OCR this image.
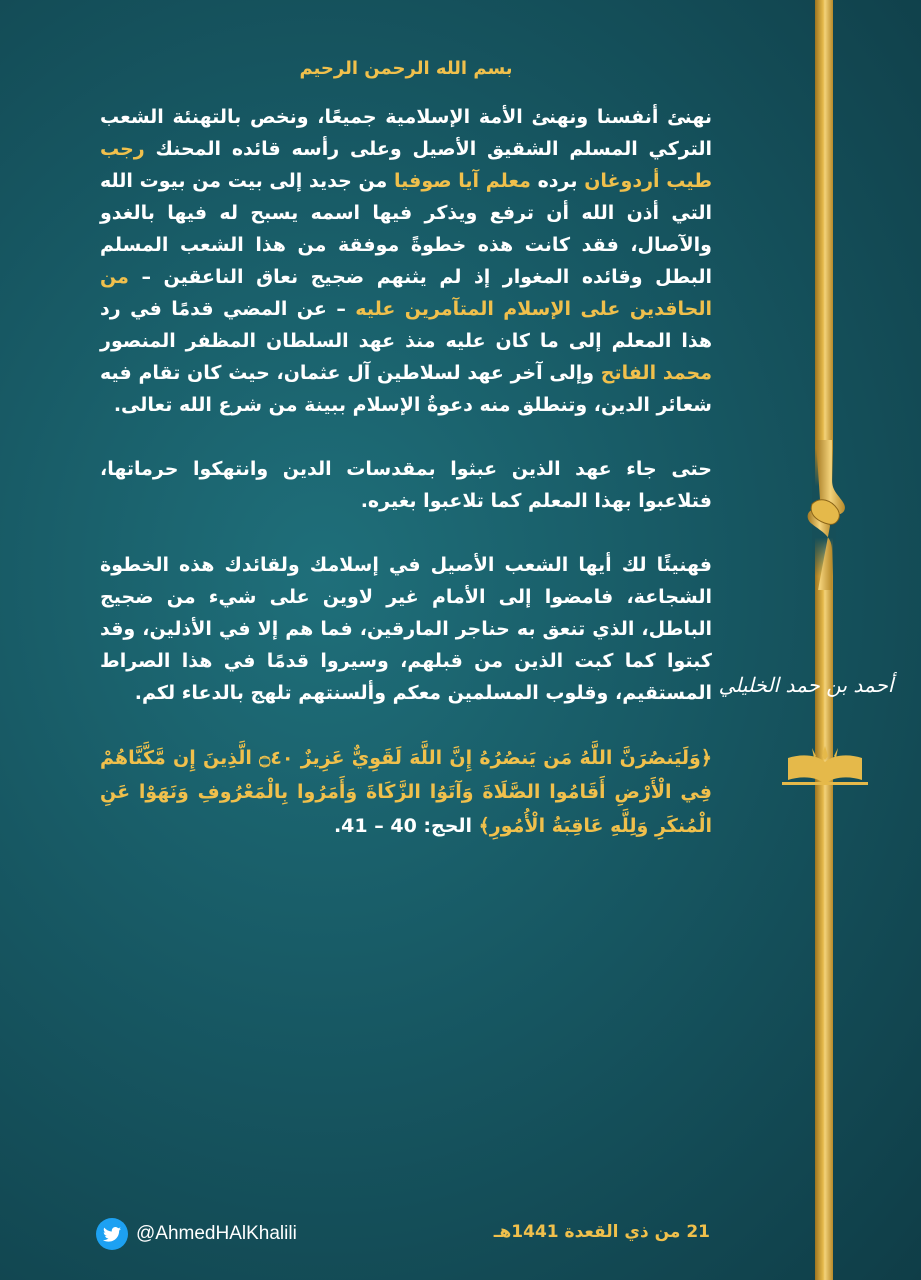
أحمد بن حمد الخليلي
بسم الله الرحمن الرحيم

نهنئ أنفسنا ونهنئ الأمة الإسلامية جميعًا، ونخص بالتهنئة الشعب التركي المسلم الشقيق الأصيل وعلى رأسه قائده المحنك رجب طيب أردوغان برده معلم آيا صوفيا من جديد إلى بيت من بيوت الله التي أذن الله أن ترفع ويذكر فيها اسمه يسبح له فيها بالغدو والآصال، فقد كانت هذه خطوةً موفقة من هذا الشعب المسلم البطل وقائده المغوار إذ لم يثنهم ضجيج نعاق الناعقين – من الحاقدين على الإسلام المتآمرين عليه – عن المضي قدمًا في رد هذا المعلم إلى ما كان عليه منذ عهد السلطان المظفر المنصور محمد الفاتح وإلى آخر عهد لسلاطين آل عثمان، حيث كان تقام فيه شعائر الدين، وتنطلق منه دعوةُ الإسلام ببينة من شرع الله تعالى.

حتى جاء عهد الذين عبثوا بمقدسات الدين وانتهكوا حرماتها، فتلاعبوا بهذا المعلم كما تلاعبوا بغيره.

فهنيئًا لك أيها الشعب الأصيل في إسلامك ولقائدك هذه الخطوة الشجاعة، فامضوا إلى الأمام غير لاوين على شيء من ضجيج الباطل، الذي تنعق به حناجر المارقين، فما هم إلا في الأذلين، وقد كبتوا كما كبت الذين من قبلهم، وسيروا قدمًا في هذا الصراط المستقيم، وقلوب المسلمين معكم وألسنتهم تلهج بالدعاء لكم.

﴿وَلَيَنصُرَنَّ اللَّهُ مَن يَنصُرُهُ إِنَّ اللَّهَ لَقَوِيٌّ عَزِيزٌ ۝٤٠ الَّذِينَ إِن مَّكَّنَّاهُمْ فِي الْأَرْضِ أَقَامُوا الصَّلَاةَ وَآتَوُا الزَّكَاةَ وَأَمَرُوا بِالْمَعْرُوفِ وَنَهَوْا عَنِ الْمُنكَرِ وَلِلَّهِ عَاقِبَةُ الْأُمُورِ﴾ الحج: 40 – 41.

21 من ذي القعدة 1441هـ
@AhmedHAlKhalili
